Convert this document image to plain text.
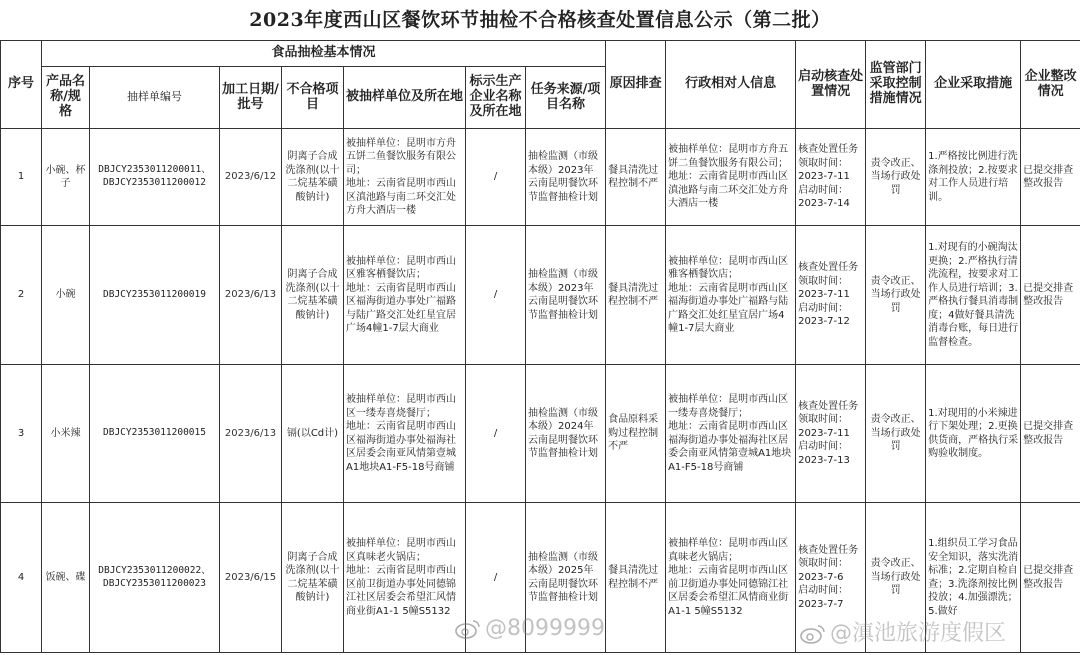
2023年度西山区餐饮环节抽检不合格核查处置信息公示（第二批）
序号	食品抽检基本情况							原因排查	行政相对人信息	启动核查处置情况	监管部门采取控制措施情况	企业采取措施	企业整改情况
	产品名称/规格	抽样单编号	加工日期/批号	不合格项目	被抽样单位及所在地	标示生产企业名称及所在地	任务来源/项目名称						
1	小碗、杯子	DBJCY2353011200011、DBJCY2353011200012	2023/6/12	阴离子合成洗涤剂(以十二烷基苯磺酸钠计)	被抽样单位：昆明市方舟五饼二鱼餐饮服务有限公司；
地址：云南省昆明市西山区滇池路与南二环交汇处方舟大酒店一楼	/	抽检监测（市级本级）2023年云南昆明餐饮环节监督抽检计划	餐具清洗过程控制不严	被抽样单位：昆明市方舟五饼二鱼餐饮服务有限公司；
地址：云南省昆明市西山区滇池路与南二环交汇处方舟大酒店一楼	核查处置任务领取时间：2023-7-11
启动时间：2023-7-14	责令改正、当场行政处罚	1.严格按比例进行洗涤剂投放；2.按要求对工作人员进行培训。	已提交排查整改报告
2	小碗	DBJCY2353011200019	2023/6/13	阴离子合成洗涤剂(以十二烷基苯磺酸钠计)	被抽样单位：昆明市西山区雅客栖餐饮店；
地址：云南省昆明市西山区福海街道办事处广福路与陆广路交汇处红星宜居广场4幢1-7层大商业	/	抽检监测（市级本级）2023年云南昆明餐饮环节监督抽检计划	餐具清洗过程控制不严	被抽样单位：昆明市西山区雅客栖餐饮店；
地址：云南省昆明市西山区福海街道办事处广福路与陆广路交汇处红星宜居广场4幢1-7层大商业	核查处置任务领取时间：2023-7-11
启动时间：2023-7-12	责令改正、当场行政处罚	1.对现有的小碗淘汰更换；2.严格执行清洗流程，按要求对工作人员进行培训；3.严格执行餐具消毒制度；4做好餐具清洗消毒台账，每日进行监督检查。	已提交排查整改报告
3	小米辣	DBJCY2353011200015	2023/6/13	镉(以Cd计)	被抽样单位：昆明市西山区一缕寿喜烧餐厅；
地址：云南省昆明市西山区福海街道办事处福海社区居委会南亚风情第壹城A1地块A1-F5-18号商铺	/	抽检监测（市级本级）2024年云南昆明餐饮环节监督抽检计划	食品原料采购过程控制不严	被抽样单位：昆明市西山区一缕寿喜烧餐厅；
地址：云南省昆明市西山区福海街道办事处福海社区居委会南亚风情第壹城A1地块A1-F5-18号商铺	核查处置任务领取时间：2023-7-11
启动时间：2023-7-13	责令改正、当场行政处罚	1.对现用的小米辣进行下架处理；2.更换供货商，严格执行采购验收制度。	已提交排查整改报告
4	饭碗、碟	DBJCY2353011200022、DBJCY2353011200023	2023/6/15	阴离子合成洗涤剂(以十二烷基苯磺酸钠计)	被抽样单位：昆明市西山区真味老火锅店；
地址：云南省昆明市西山区前卫街道办事处同德锦江社区居委会希望汇风情商业街A1-1 5幢S5132	/	抽检监测（市级本级）2025年云南昆明餐饮环节监督抽检计划	餐具清洗过程控制不严	被抽样单位：昆明市西山区真味老火锅店；
地址：云南省昆明市西山区前卫街道办事处同德锦江社区居委会希望汇风情商业街A1-1 5幢S5132	核查处置任务领取时间：2023-7-6
启动时间：2023-7-7	责令改正、当场行政处罚	1.组织员工学习食品安全知识，落实洗消标准；2.定期自检自查；3.洗涤剂按比例投放；4.加强漂洗；5.做好	已提交排查整改报告
@8099999	@滇池旅游度假区
